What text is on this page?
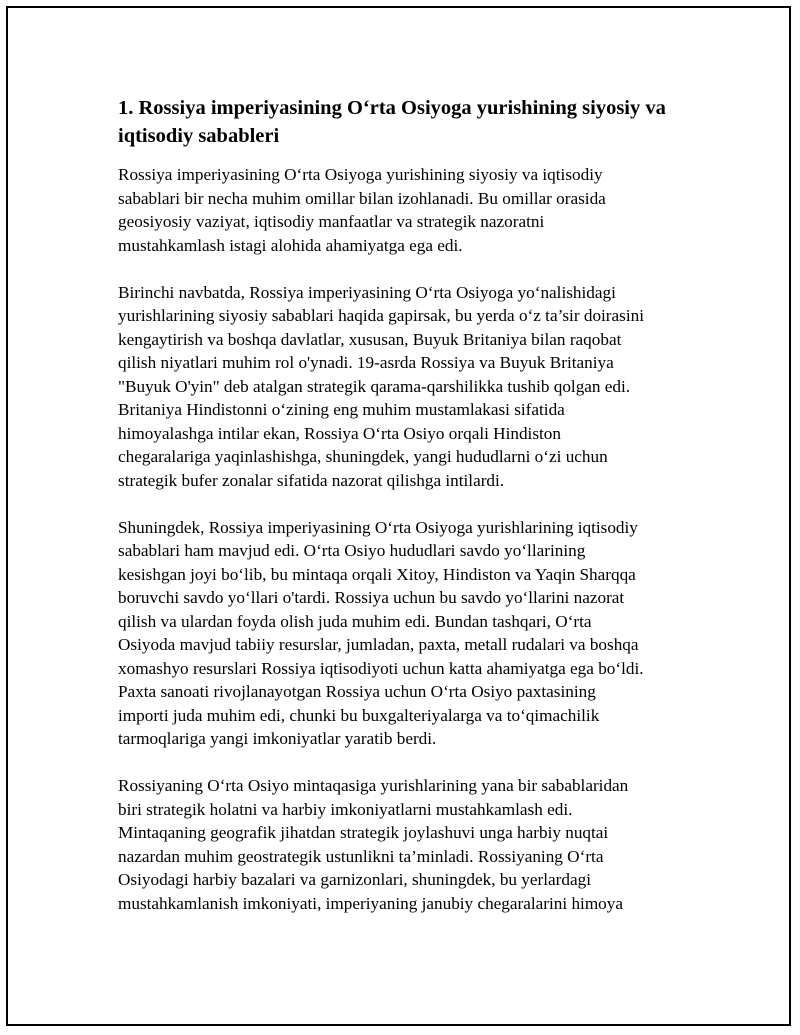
1. Rossiya imperiyasining O‘rta Osiyoga yurishining siyosiy va
iqtisodiy sabableri

Rossiya imperiyasining O‘rta Osiyoga yurishining siyosiy va iqtisodiy
sabablari bir necha muhim omillar bilan izohlanadi. Bu omillar orasida
geosiyosiy vaziyat, iqtisodiy manfaatlar va strategik nazoratni
mustahkamlash istagi alohida ahamiyatga ega edi.

Birinchi navbatda, Rossiya imperiyasining O‘rta Osiyoga yo‘nalishidagi
yurishlarining siyosiy sabablari haqida gapirsak, bu yerda o‘z ta’sir doirasini
kengaytirish va boshqa davlatlar, xususan, Buyuk Britaniya bilan raqobat
qilish niyatlari muhim rol o'ynadi. 19-asrda Rossiya va Buyuk Britaniya
"Buyuk O'yin" deb atalgan strategik qarama-qarshilikka tushib qolgan edi.
Britaniya Hindistonni o‘zining eng muhim mustamlakasi sifatida
himoyalashga intilar ekan, Rossiya O‘rta Osiyo orqali Hindiston
chegaralariga yaqinlashishga, shuningdek, yangi hududlarni o‘zi uchun
strategik bufer zonalar sifatida nazorat qilishga intilardi.

Shuningdek, Rossiya imperiyasining O‘rta Osiyoga yurishlarining iqtisodiy
sabablari ham mavjud edi. O‘rta Osiyo hududlari savdo yo‘llarining
kesishgan joyi bo‘lib, bu mintaqa orqali Xitoy, Hindiston va Yaqin Sharqqa
boruvchi savdo yo‘llari o'tardi. Rossiya uchun bu savdo yo‘llarini nazorat
qilish va ulardan foyda olish juda muhim edi. Bundan tashqari, O‘rta
Osiyoda mavjud tabiiy resurslar, jumladan, paxta, metall rudalari va boshqa
xomashyo resurslari Rossiya iqtisodiyoti uchun katta ahamiyatga ega bo‘ldi.
Paxta sanoati rivojlanayotgan Rossiya uchun O‘rta Osiyo paxtasining
importi juda muhim edi, chunki bu buxgalteriyalarga va to‘qimachilik
tarmoqlariga yangi imkoniyatlar yaratib berdi.

Rossiyaning O‘rta Osiyo mintaqasiga yurishlarining yana bir sabablaridan
biri strategik holatni va harbiy imkoniyatlarni mustahkamlash edi.
Mintaqaning geografik jihatdan strategik joylashuvi unga harbiy nuqtai
nazardan muhim geostrategik ustunlikni ta’minladi. Rossiyaning O‘rta
Osiyodagi harbiy bazalari va garnizonlari, shuningdek, bu yerlardagi
mustahkamlanish imkoniyati, imperiyaning janubiy chegaralarini himoya
